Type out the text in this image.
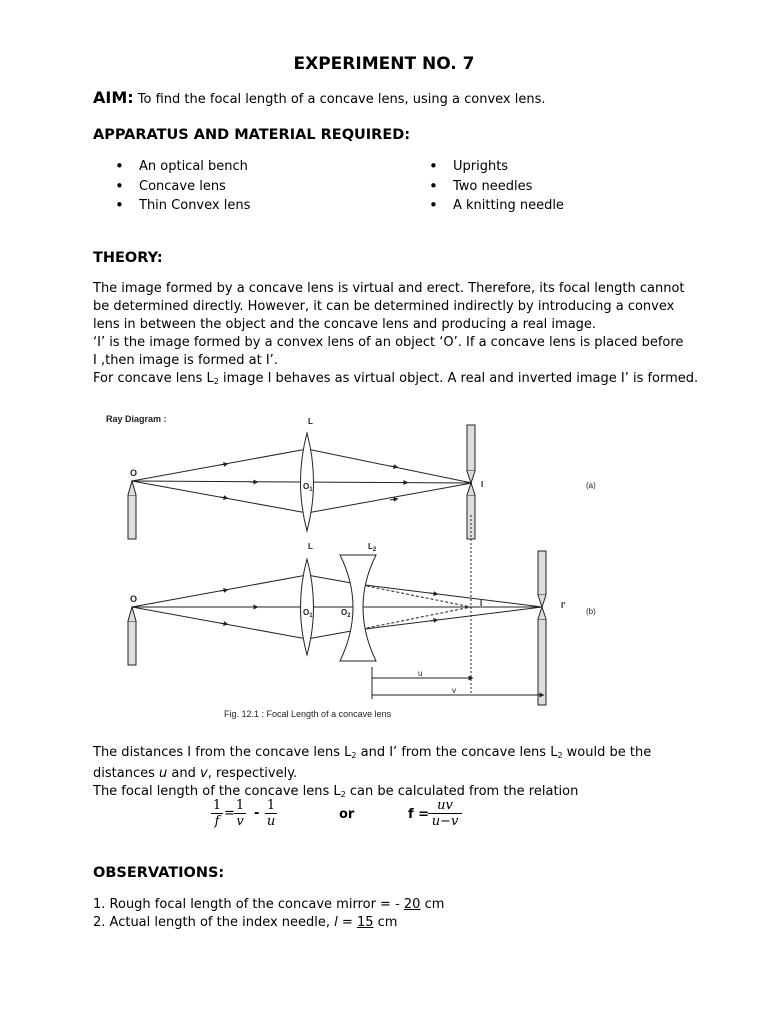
EXPERIMENT NO. 7
AIM: To find the focal length of a concave lens, using a convex lens.
APPARATUS AND MATERIAL REQUIRED:
• An optical bench
• Concave lens
• Thin Convex lens
• Uprights
• Two needles
• A knitting needle
THEORY:
The image formed by a concave lens is virtual and erect. Therefore, its focal length cannot
be determined directly. However, it can be determined indirectly by introducing a convex
lens in between the object and the concave lens and producing a real image.
‘I’ is the image formed by a convex lens of an object ‘O’. If a concave lens is placed before
I ,then image is formed at I’.
For concave lens $L_2$ image I behaves as virtual object. A real and inverted image I’ is formed.
Ray Diagram :
O
L
$O_1$
I	(a)
O
L	$L_2$
$O_1$	$O_2$
I	I'
(b)
u
v
Fig. 12.1 : Focal Length of a concave lens
The distances I from the concave lens $L_2$ and I’ from the concave lens $L_2$ would be the
distances u and v, respectively.
The focal length of the concave lens $L_2$ can be calculated from the relation
$\frac{1}{f} = \frac{1}{v} - \frac{1}{u}$	or	f =
$\frac{uv}{u-v}$
OBSERVATIONS:
1. Rough focal length of the concave mirror = - 20 cm
2. Actual length of the index needle, l = 15 cm
